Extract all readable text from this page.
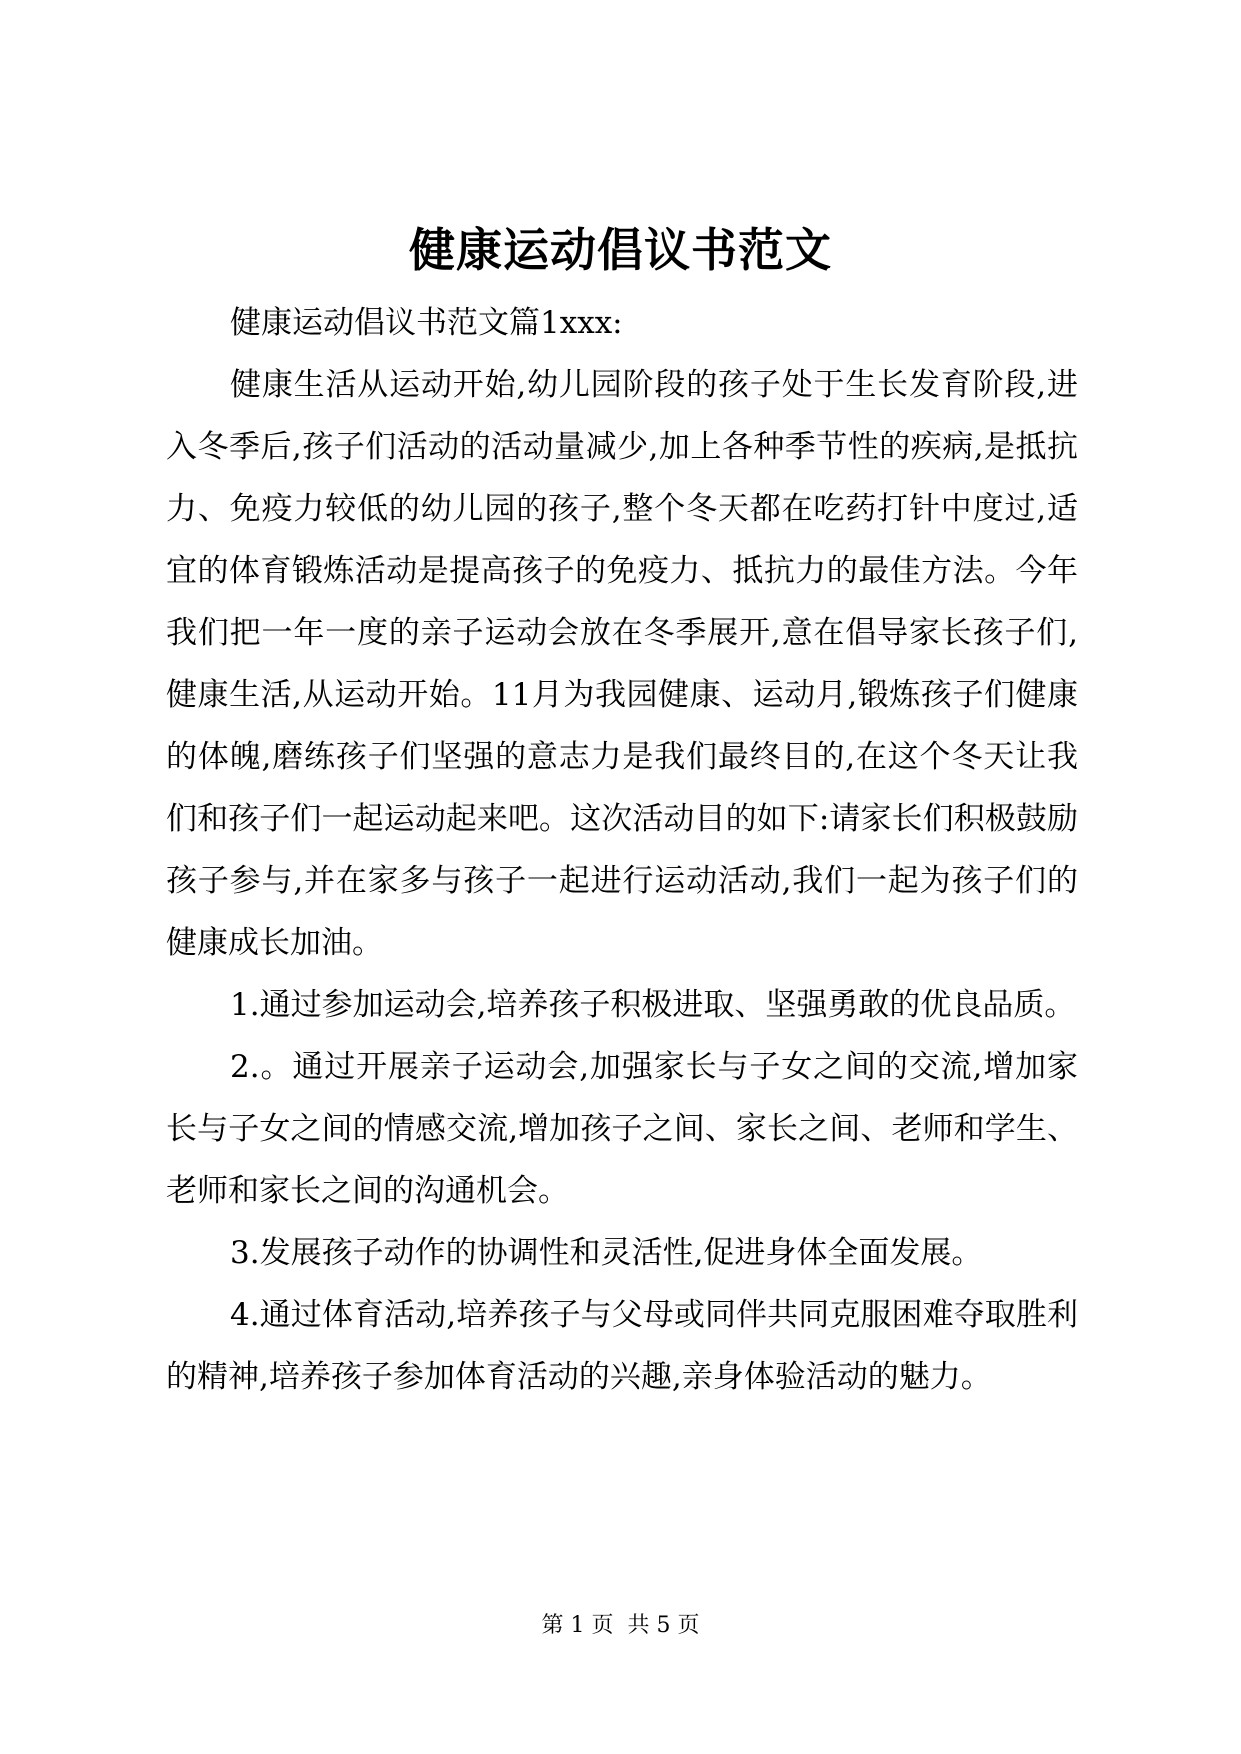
健康运动倡议书范文

健康运动倡议书范文篇1xxx:

健康生活从运动开始,幼儿园阶段的孩子处于生长发育阶段,进入冬季后,孩子们活动的活动量减少,加上各种季节性的疾病,是抵抗力、免疫力较低的幼儿园的孩子,整个冬天都在吃药打针中度过,适宜的体育锻炼活动是提高孩子的免疫力、抵抗力的最佳方法。今年我们把一年一度的亲子运动会放在冬季展开,意在倡导家长孩子们,健康生活,从运动开始。11月为我园健康、运动月,锻炼孩子们健康的体魄,磨练孩子们坚强的意志力是我们最终目的,在这个冬天让我们和孩子们一起运动起来吧。这次活动目的如下:请家长们积极鼓励孩子参与,并在家多与孩子一起进行运动活动,我们一起为孩子们的健康成长加油。

1.通过参加运动会,培养孩子积极进取、坚强勇敢的优良品质。

2.。通过开展亲子运动会,加强家长与子女之间的交流,增加家长与子女之间的情感交流,增加孩子之间、家长之间、老师和学生、老师和家长之间的沟通机会。

3.发展孩子动作的协调性和灵活性,促进身体全面发展。

4.通过体育活动,培养孩子与父母或同伴共同克服困难夺取胜利的精神,培养孩子参加体育活动的兴趣,亲身体验活动的魅力。

第 1 页  共 5 页
